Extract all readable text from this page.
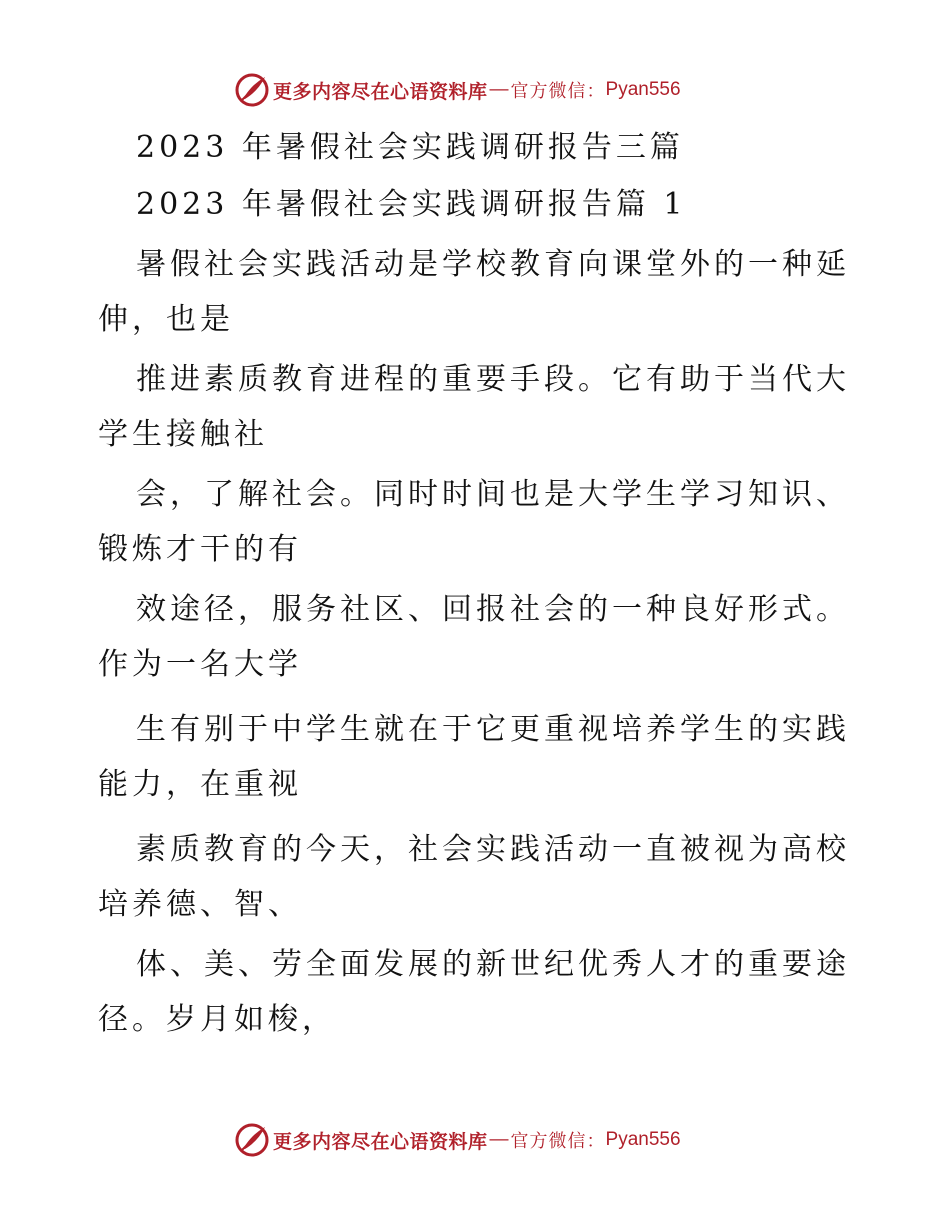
更多内容尽在心语资料库 — 官方微信： Pyan556
2023 年暑假社会实践调研报告三篇
2023 年暑假社会实践调研报告篇 1
暑假社会实践活动是学校教育向课堂外的一种延
伸，也是
推进素质教育进程的重要手段。它有助于当代大
学生接触社
会，了解社会。同时时间也是大学生学习知识、
锻炼才干的有
效途径，服务社区、回报社会的一种良好形式。
作为一名大学
生有别于中学生就在于它更重视培养学生的实践
能力，在重视
素质教育的今天，社会实践活动一直被视为高校
培养德、智、
体、美、劳全面发展的新世纪优秀人才的重要途
径。岁月如梭，
更多内容尽在心语资料库 — 官方微信： Pyan556
